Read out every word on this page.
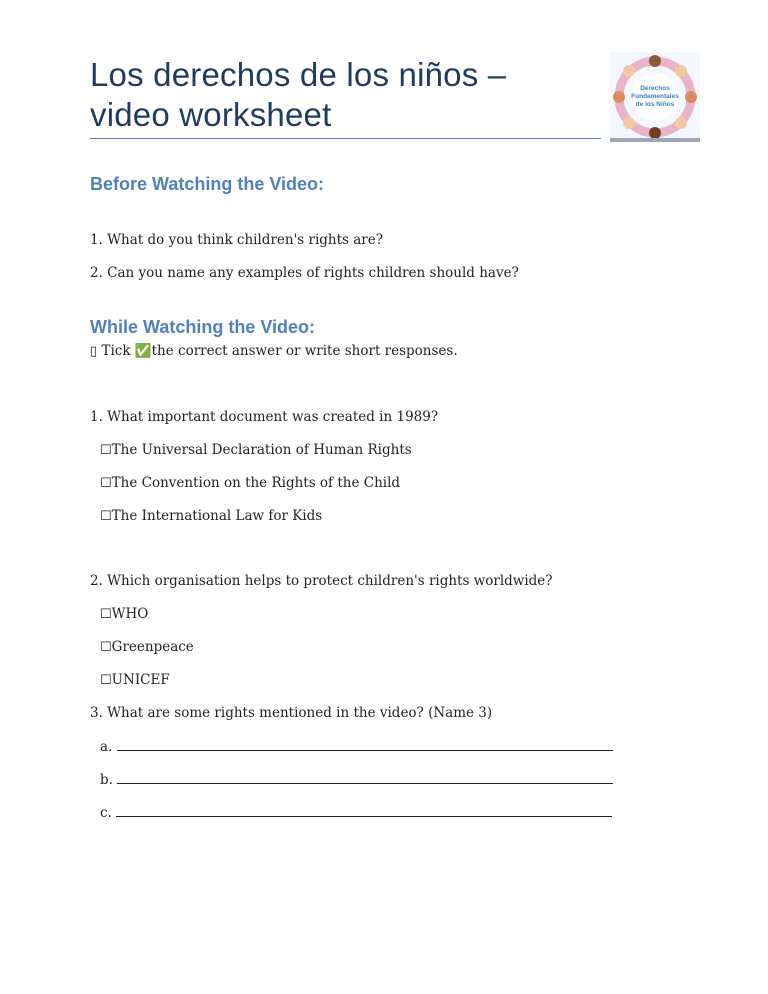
Los derechos de los niños – video worksheet
Derechos
Fundamentales
de los Niños
Before Watching the Video:
1. What do you think children's rights are?
2. Can you name any examples of rights children should have?
While Watching the Video:
▯ Tick ✅the correct answer or write short responses.
1. What important document was created in 1989?
☐The Universal Declaration of Human Rights
☐The Convention on the Rights of the Child
☐The International Law for Kids
2. Which organisation helps to protect children's rights worldwide?
☐WHO
☐Greenpeace
☐UNICEF
3. What are some rights mentioned in the video? (Name 3)
a.
b.
c.
